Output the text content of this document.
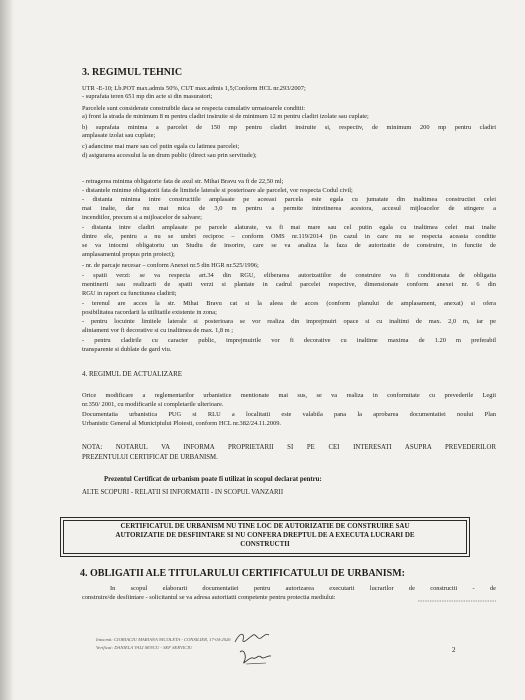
3. REGIMUL TEHNIC
UTR -E-10; Lb.POT max.admis 50%, CUT max.admis 1,5;Conform HCL nr.293/2007;
- suprafata teren 651 mp din acte si din masuratori;
Parcelele sunt considerate construibile daca se respecta cumulativ urmatoarele conditii:
a) front la strada de minimum 8 m pentru cladiri insiruite si de minimum 12 m pentru cladiri izolate sau cuplate;
b) suprafata minima a parcelei de 150 mp pentru cladiri insiruite si, respectiv, de minimum 200 mp pentru cladiri
amplasate izolat sau cuplate;
c) adancime mai mare sau cel putin egala cu latimea parcelei;
d) asigurarea accesului la un drum public (direct sau prin servitude);
- retragerea minima obligatorie fata de axul str. Mihai Bravu va fi de 22,50 ml;
- distantele minime obligatorii fata de limitele laterale si posterioare ale parcelei, vor respecta Codul civil;
- distanta minima intre constructiile amplasate pe aceeasi parcela este egala cu jumatate din inaltimea constructiei celei
mai inalte, dar nu mai mica de 3,0 m pentru a permite intretinerea acestora, accesul mijloacelor de stingere a
incendiilor, precum si a mijloacelor de salvare;
- distanta intre cladiri amplasate pe parcele alaturate, va fi mai mare sau cel putin egala cu inaltimea celei mai inalte
dintre ele, pentru a nu se umbri reciproc – conform OMS nr.119/2014 (in cazul in care nu se respecta aceasta conditie
se va intocmi obligatoriu un Studiu de insorire, care se va analiza la faza de autorizatie de construire, in functie de
amplasamentul propus prin proiect);
- nr. de parcaje necesar – conform Anexei nr.5 din HGR nr.525/1996;
- spatii verzi: se va respecta art.34 din RGU, eliberarea autorizatiilor de construire va fi conditionata de obligatia
mentinerii sau realizarii de spatii verzi si plantate in cadrul parcelei respective, dimensionate conform anexei nr. 6 din
RGU in raport cu functiunea cladirii;
- terenul are acces la str. Mihai Bravu cat si la aleea de acces (conform planului de amplasament, anexat) si ofera
posibilitatea racordarii la utilitatile existente in zona;
- pentru locuinte limitele laterale si posterioara se vor realiza din imprejmuiri opace si cu inaltimi de max. 2,0 m, iar pe
aliniament vor fi decorative si cu inaltimea de max. 1,8 m ;
- pentru cladirile cu caracter public, imprejmuirile vor fi decorative cu inaltime maxima de 1.20 m preferabil
transparente si dublate de gard viu.
4. REGIMUL DE ACTUALIZARE
Orice modificare a reglementarilor urbanistice mentionate mai sus, se va realiza in conformitate cu prevederile Legii
nr.350/ 2001, cu modificarile si completarile ulterioare.
Documentatia urbanistica PUG si RLU a localitatii este valabila pana la aprobarea documentatiei noului Plan
Urbanistic General al Municipiului Ploiesti, conform HCL nr.382/24.11.2009.
NOTA: NOTARUL VA INFORMA PROPRIETARII SI PE CEI INTERESATI ASUPRA PREVEDERILOR
PREZENTULUI CERTIFICAT DE URBANISM.
Prezentul Certificat de urbanism poate fi utilizat in scopul declarat pentru:
ALTE SCOPURI - RELATII SI INFORMATII - IN SCOPUL VANZARII
CERTIFICATUL DE URBANISM NU TINE LOC DE AUTORIZATIE DE CONSTRUIRE SAU
AUTORIZATIE DE DESFIINTARE SI NU CONFERA DREPTUL DE A EXECUTA LUCRARI DE
CONSTRUCTII
4. OBLIGATII ALE TITULARULUI CERTIFICATULUI DE URBANISM:
In scopul elaborarii documentatiei pentru autorizarea executarii lucrarilor de constructii - de
construire/de desfiintare - solicitantul se va adresa autoritatii competente pentru protectia mediului:
Intocmit: CIORIACIU MARIANA NICOLETA - CONSILIER, 17-04-2026
Verificat: DANIELA VALI SENCU - SEF SERVICIU	2
